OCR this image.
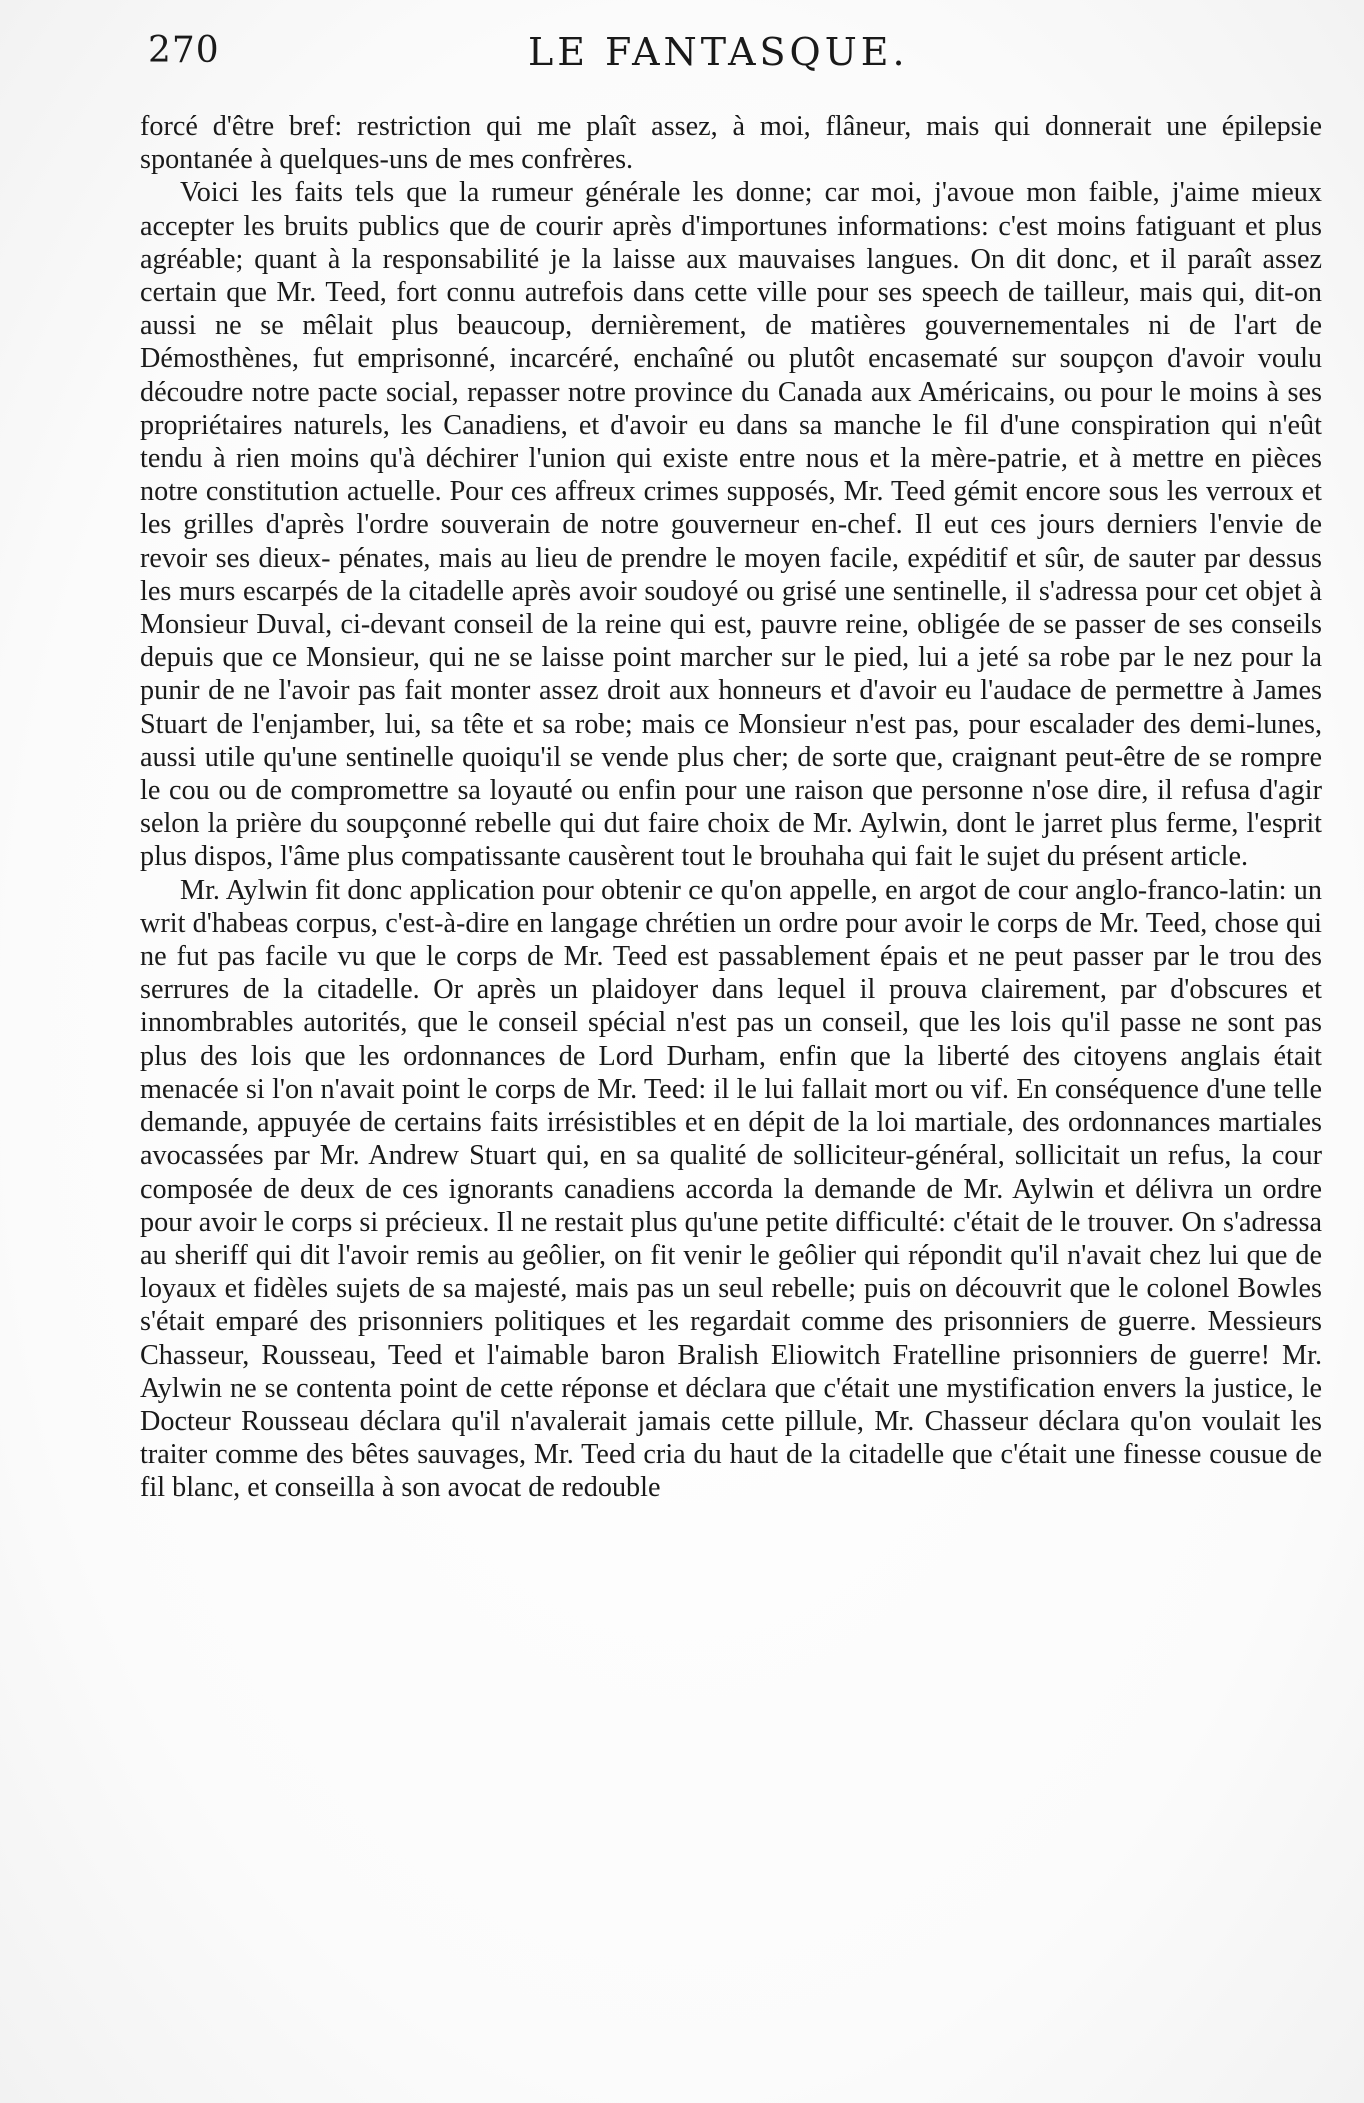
270	LE FANTASQUE.

forcé d'être bref: restriction qui me plaît assez, à moi, flâneur, mais qui donnerait une épilepsie spontanée à quelques-uns de mes confrères.

Voici les faits tels que la rumeur générale les donne; car moi, j'avoue mon faible, j'aime mieux accepter les bruits publics que de courir après d'importunes informations: c'est moins fatiguant et plus agréable; quant à la responsabilité je la laisse aux mauvaises langues. On dit donc, et il paraît assez certain que Mr. Teed, fort connu autrefois dans cette ville pour ses speech de tailleur, mais qui, dit-on aussi ne se mêlait plus beaucoup, dernièrement, de matières gouvernementales ni de l'art de Démosthènes, fut emprisonné, incarcéré, enchaîné ou plutôt encasematé sur soupçon d'avoir voulu découdre notre pacte social, repasser notre province du Canada aux Américains, ou pour le moins à ses propriétaires naturels, les Canadiens, et d'avoir eu dans sa manche le fil d'une conspiration qui n'eût tendu à rien moins qu'à déchirer l'union qui existe entre nous et la mère-patrie, et à mettre en pièces notre constitution actuelle. Pour ces affreux crimes supposés, Mr. Teed gémit encore sous les verroux et les grilles d'après l'ordre souverain de notre gouverneur en-chef. Il eut ces jours derniers l'envie de revoir ses dieux- pénates, mais au lieu de prendre le moyen facile, expéditif et sûr, de sauter par dessus les murs escarpés de la citadelle après avoir soudoyé ou grisé une sentinelle, il s'adressa pour cet objet à Monsieur Duval, ci-devant conseil de la reine qui est, pauvre reine, obligée de se passer de ses conseils depuis que ce Monsieur, qui ne se laisse point marcher sur le pied, lui a jeté sa robe par le nez pour la punir de ne l'avoir pas fait monter assez droit aux honneurs et d'avoir eu l'audace de permettre à James Stuart de l'enjamber, lui, sa tête et sa robe; mais ce Monsieur n'est pas, pour escalader des demi-lunes, aussi utile qu'une sentinelle quoiqu'il se vende plus cher; de sorte que, craignant peut-être de se rompre le cou ou de compromettre sa loyauté ou enfin pour une raison que personne n'ose dire, il refusa d'agir selon la prière du soupçonné rebelle qui dut faire choix de Mr. Aylwin, dont le jarret plus ferme, l'esprit plus dispos, l'âme plus compatissante causèrent tout le brouhaha qui fait le sujet du présent article.

Mr. Aylwin fit donc application pour obtenir ce qu'on appelle, en argot de cour anglo-franco-latin: un writ d'habeas corpus, c'est-à-dire en langage chrétien un ordre pour avoir le corps de Mr. Teed, chose qui ne fut pas facile vu que le corps de Mr. Teed est passablement épais et ne peut passer par le trou des serrures de la citadelle. Or après un plaidoyer dans lequel il prouva clairement, par d'obscures et innombrables autorités, que le conseil spécial n'est pas un conseil, que les lois qu'il passe ne sont pas plus des lois que les ordonnances de Lord Durham, enfin que la liberté des citoyens anglais était menacée si l'on n'avait point le corps de Mr. Teed: il le lui fallait mort ou vif. En conséquence d'une telle demande, appuyée de certains faits irrésistibles et en dépit de la loi martiale, des ordonnances martiales avocassées par Mr. Andrew Stuart qui, en sa qualité de solliciteur-général, sollicitait un refus, la cour composée de deux de ces ignorants canadiens accorda la demande de Mr. Aylwin et délivra un ordre pour avoir le corps si précieux. Il ne restait plus qu'une petite difficulté: c'était de le trouver. On s'adressa au sheriff qui dit l'avoir remis au geôlier, on fit venir le geôlier qui répondit qu'il n'avait chez lui que de loyaux et fidèles sujets de sa majesté, mais pas un seul rebelle; puis on découvrit que le colonel Bowles s'était emparé des prisonniers politiques et les regardait comme des prisonniers de guerre. Messieurs Chasseur, Rousseau, Teed et l'aimable baron Bralish Eliowitch Fratelline prisonniers de guerre! Mr. Aylwin ne se contenta point de cette réponse et déclara que c'était une mystification envers la justice, le Docteur Rousseau déclara qu'il n'avalerait jamais cette pillule, Mr. Chasseur déclara qu'on voulait les traiter comme des bêtes sauvages, Mr. Teed cria du haut de la citadelle que c'était une finesse cousue de fil blanc, et conseilla à son avocat de redouble
